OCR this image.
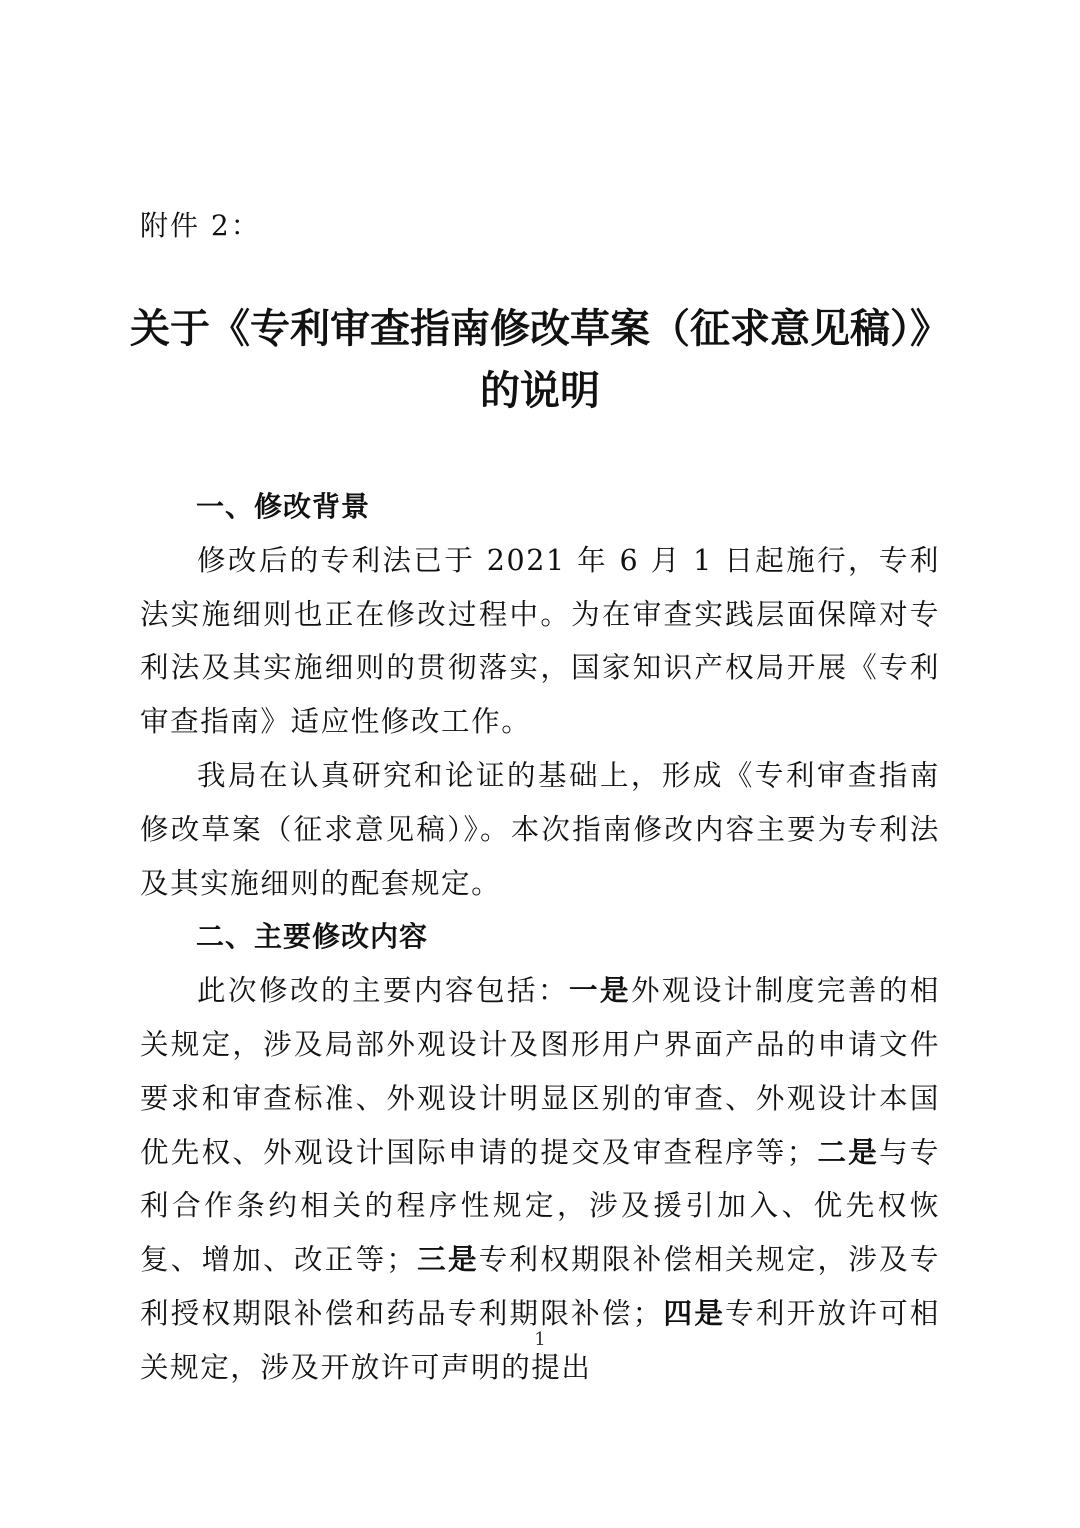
附件 2：
关于《专利审查指南修改草案（征求意见稿）》
的说明

一、修改背景

修改后的专利法已于 2021 年 6 月 1 日起施行，专利法实施细则也正在修改过程中。为在审查实践层面保障对专利法及其实施细则的贯彻落实，国家知识产权局开展《专利审查指南》适应性修改工作。

我局在认真研究和论证的基础上，形成《专利审查指南修改草案（征求意见稿）》。本次指南修改内容主要为专利法及其实施细则的配套规定。

二、主要修改内容

此次修改的主要内容包括：一是外观设计制度完善的相关规定，涉及局部外观设计及图形用户界面产品的申请文件要求和审查标准、外观设计明显区别的审查、外观设计本国优先权、外观设计国际申请的提交及审查程序等；二是与专利合作条约相关的程序性规定，涉及援引加入、优先权恢复、增加、改正等；三是专利权期限补偿相关规定，涉及专利授权期限补偿和药品专利期限补偿；四是专利开放许可相关规定，涉及开放许可声明的提出

1
